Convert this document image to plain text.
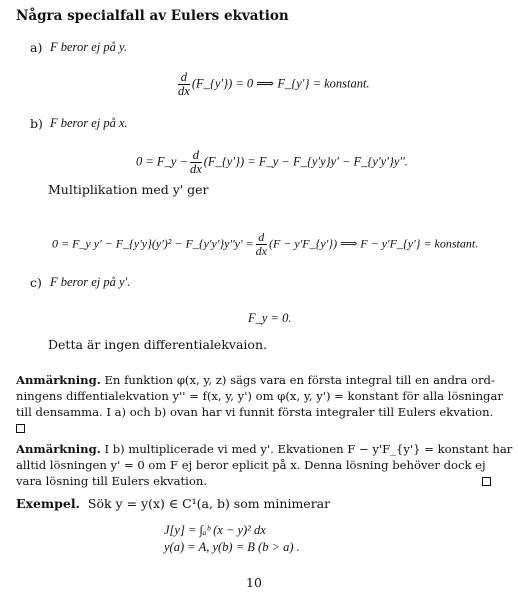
Några specialfall av Eulers ekvation
a) F beror ej på y.
$\frac{d}{dx}$ (F_{y'}) = 0 ⟹ F_{y'} = konstant.
b) F beror ej på x.
0 = F_y − $\frac{d}{dx}$ (F_{y'}) = F_y − F_{y'y}y' − F_{y'y'}y''.
Multiplikation med y' ger
0 = F_y y' − F_{y'y}(y')² − F_{y'y'}y''y' = $\frac{d}{dx} (F$ − y'F_{y'}) ⟹ F − y'F_{y'} = konstant.
c) F beror ej på y'.
F_y = 0.
Detta är ingen differentialekvaion.
Anmärkning. En funktion φ(x, y, z) sägs vara en första integral till en andra ord-
ningens diffentialekvation y'' = f(x, y, y') om φ(x, y, y') = konstant för alla lösningar
till densamma. I a) och b) ovan har vi funnit första integraler till Eulers ekvation.
Anmärkning. I b) multiplicerade vi med y'. Ekvationen F − y'F_{y'} = konstant har
alltid lösningen y' = 0 om F ej beror eplicit på x. Denna lösning behöver dock ej
vara lösning till Eulers ekvation.
Exempel. Sök y = y(x) ∈ C¹(a, b) som minimerar
J[y] = ∫ₐᵇ (x − y)² dx
y(a) = A, y(b) = B (b > a) .
10
